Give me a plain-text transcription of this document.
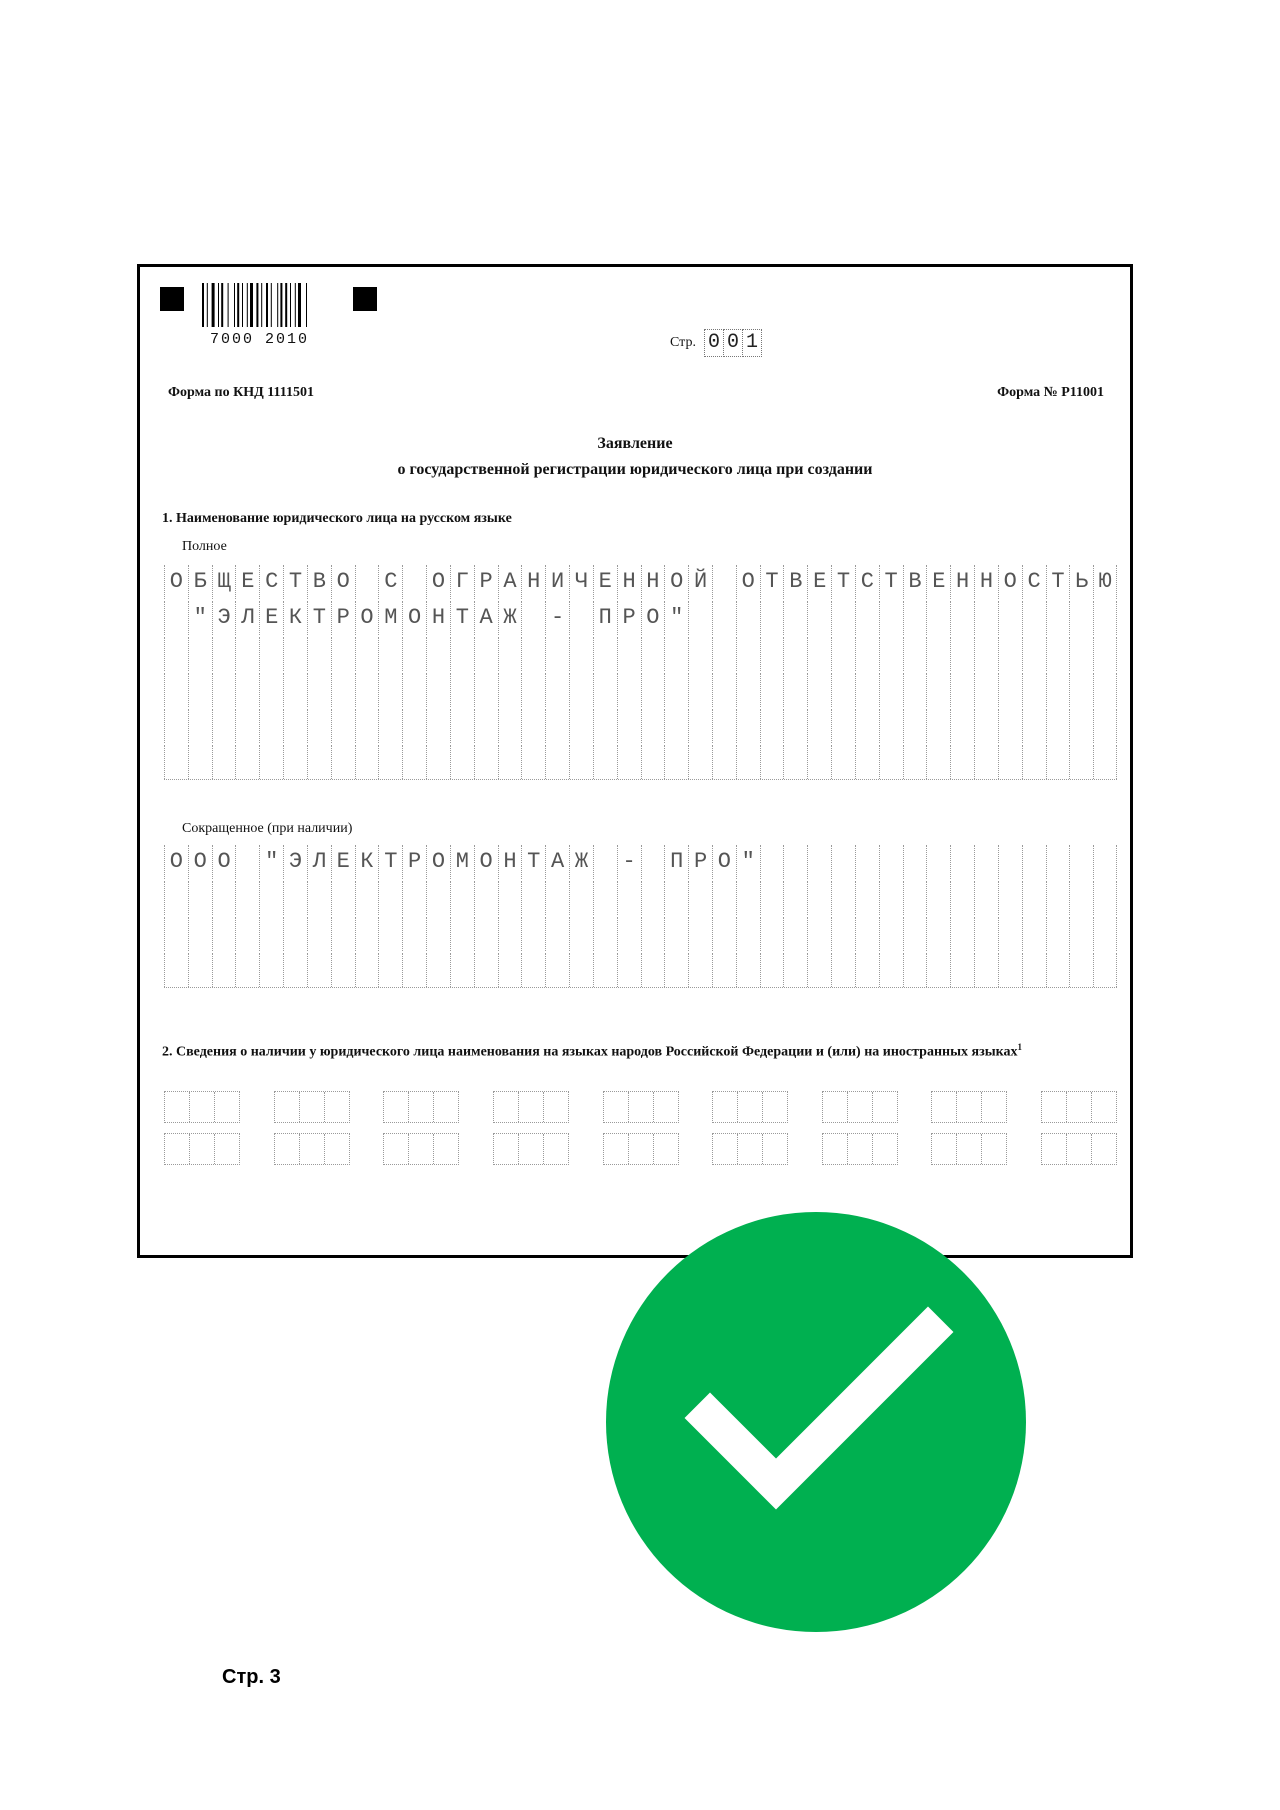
7000 2010	Стр. 0 0 1
Форма по КНД 1111501	Форма № Р11001
Заявление
о государственной регистрации юридического лица при создании
1. Наименование юридического лица на русском языке
Полное
О Б Щ Е С Т В О С О Г Р А Н И Ч Е Н Н О Й О Т В Е Т С Т В Е Н Н О С Т Ь Ю
" Э Л Е К Т Р О М О Н Т А Ж - П Р О "
Сокращенное (при наличии)
О О О " Э Л Е К Т Р О М О Н Т А Ж - П Р О "
2. Сведения о наличии у юридического лица наименования на языках народов Российской Федерации и (или) на иностранных языках$^1$
Стр. 3
